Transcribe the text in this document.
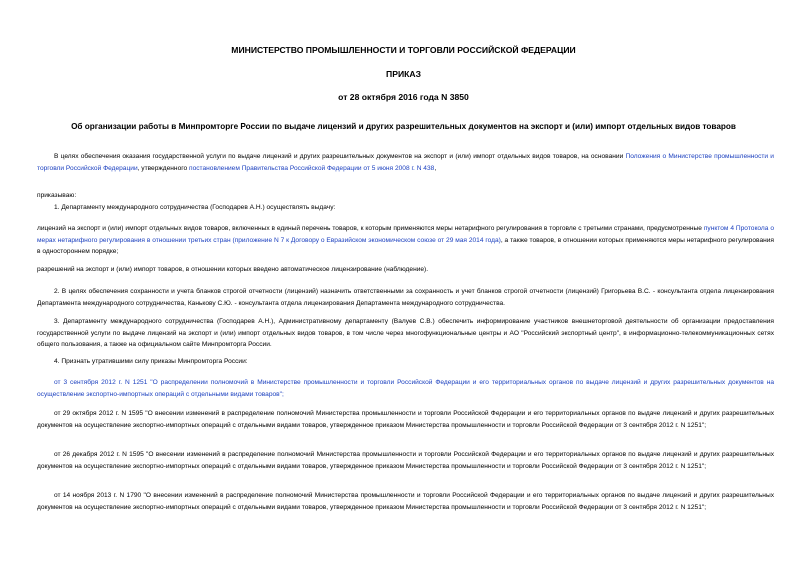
МИНИСТЕРСТВО ПРОМЫШЛЕННОСТИ И ТОРГОВЛИ РОССИЙСКОЙ ФЕДЕРАЦИИ
ПРИКАЗ
от 28 октября 2016 года N 3850
Об организации работы в Минпромторге России по выдаче лицензий и других разрешительных документов на экспорт и (или) импорт отдельных видов товаров

В целях обеспечения оказания государственной услуги по выдаче лицензий и других разрешительных документов на экспорт и (или) импорт отдельных видов товаров, на основании Положения о Министерстве промышленности и торговли Российской Федерации, утвержденного постановлением Правительства Российской Федерации от 5 июня 2008 г. N 438,

приказываю:

1. Департаменту международного сотрудничества (Господарев А.Н.) осуществлять выдачу:

лицензий на экспорт и (или) импорт отдельных видов товаров, включенных в единый перечень товаров, к которым применяются меры нетарифного регулирования в торговле с третьими странами, предусмотренные пунктом 4 Протокола о мерах нетарифного регулирования в отношении третьих стран (приложение N 7 к Договору о Евразийском экономическом союзе от 29 мая 2014 года), а также товаров, в отношении которых применяются меры нетарифного регулирования в одностороннем порядке;

разрешений на экспорт и (или) импорт товаров, в отношении которых введено автоматическое лицензирование (наблюдение).

2. В целях обеспечения сохранности и учета бланков строгой отчетности (лицензий) назначить ответственными за сохранность и учет бланков строгой отчетности (лицензий) Григорьева В.С. - консультанта отдела лицензирования Департамента международного сотрудничества, Канькову С.Ю. - консультанта отдела лицензирования Департамента международного сотрудничества.

3. Департаменту международного сотрудничества (Господарев А.Н.), Административному департаменту (Валуев С.В.) обеспечить информирование участников внешнеторговой деятельности об организации предоставления государственной услуги по выдаче лицензий на экспорт и (или) импорт отдельных видов товаров, в том числе через многофункциональные центры и АО "Российский экспортный центр", в информационно-телекоммуникационных сетях общего пользования, а также на официальном сайте Минпромторга России.

4. Признать утратившими силу приказы Минпромторга России:

от 3 сентября 2012 г. N 1251 "О распределении полномочий в Министерстве промышленности и торговли Российской Федерации и его территориальных органов по выдаче лицензий и других разрешительных документов на осуществление экспортно-импортных операций с отдельными видами товаров";

от 29 октября 2012 г. N 1595 "О внесении изменений в распределение полномочий Министерства промышленности и торговли Российской Федерации и его территориальных органов по выдаче лицензий и других разрешительных документов на осуществление экспортно-импортных операций с отдельными видами товаров, утвержденное приказом Министерства промышленности и торговли Российской Федерации от 3 сентября 2012 г. N 1251";

от 26 декабря 2012 г. N 1595 "О внесении изменений в распределение полномочий Министерства промышленности и торговли Российской Федерации и его территориальных органов по выдаче лицензий и других разрешительных документов на осуществление экспортно-импортных операций с отдельными видами товаров, утвержденное приказом Министерства промышленности и торговли Российской Федерации от 3 сентября 2012 г. N 1251";

от 14 ноября 2013 г. N 1790 "О внесении изменений в распределение полномочий Министерства промышленности и торговли Российской Федерации и его территориальных органов по выдаче лицензий и других разрешительных документов на осуществление экспортно-импортных операций с отдельными видами товаров, утвержденное приказом Министерства промышленности и торговли Российской Федерации от 3 сентября 2012 г. N 1251";
